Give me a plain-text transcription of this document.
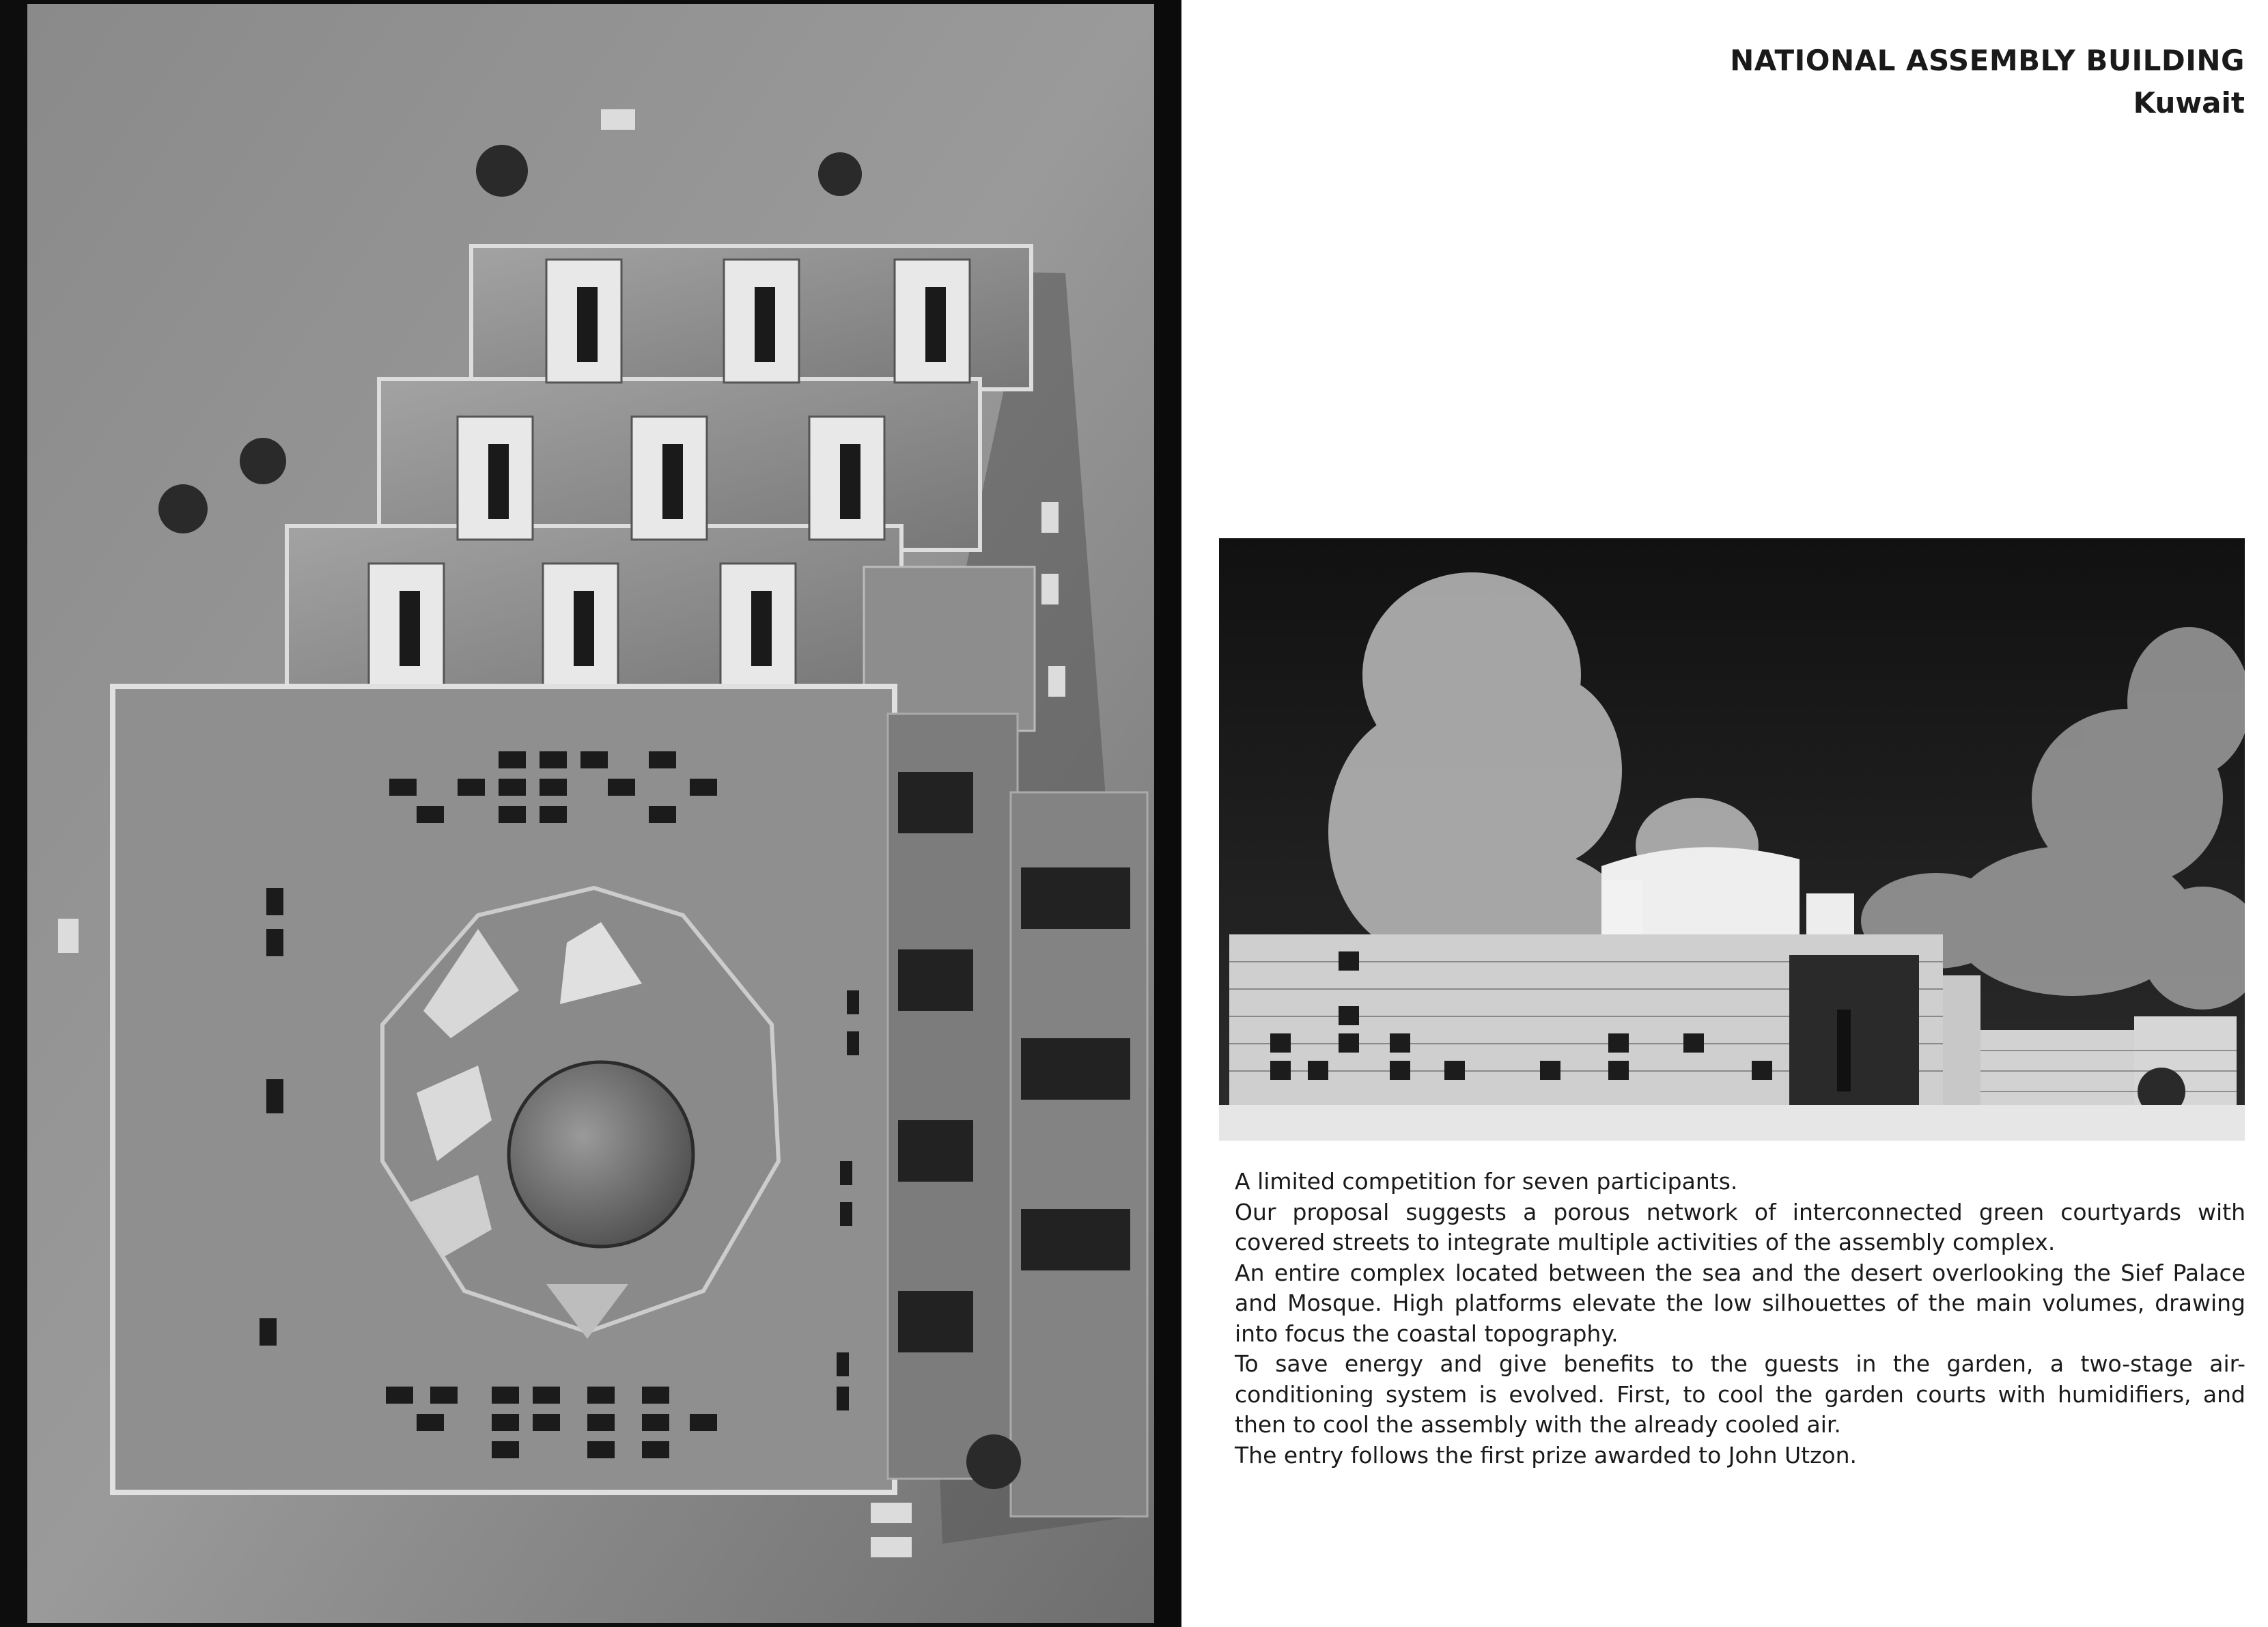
NATIONAL ASSEMBLY BUILDING
Kuwait

A limited competition for seven participants.

Our proposal suggests a porous network of interconnected green courtyards with covered streets to integrate multiple activities of the assembly complex.

An entire complex located between the sea and the desert overlooking the Sief Palace and Mosque. High platforms elevate the low silhouettes of the main volumes, drawing into focus the coastal topography.

To save energy and give benefits to the guests in the garden, a two-stage air-conditioning system is evolved. First, to cool the garden courts with humidifiers, and then to cool the assembly with the already cooled air.

The entry follows the first prize awarded to John Utzon.
